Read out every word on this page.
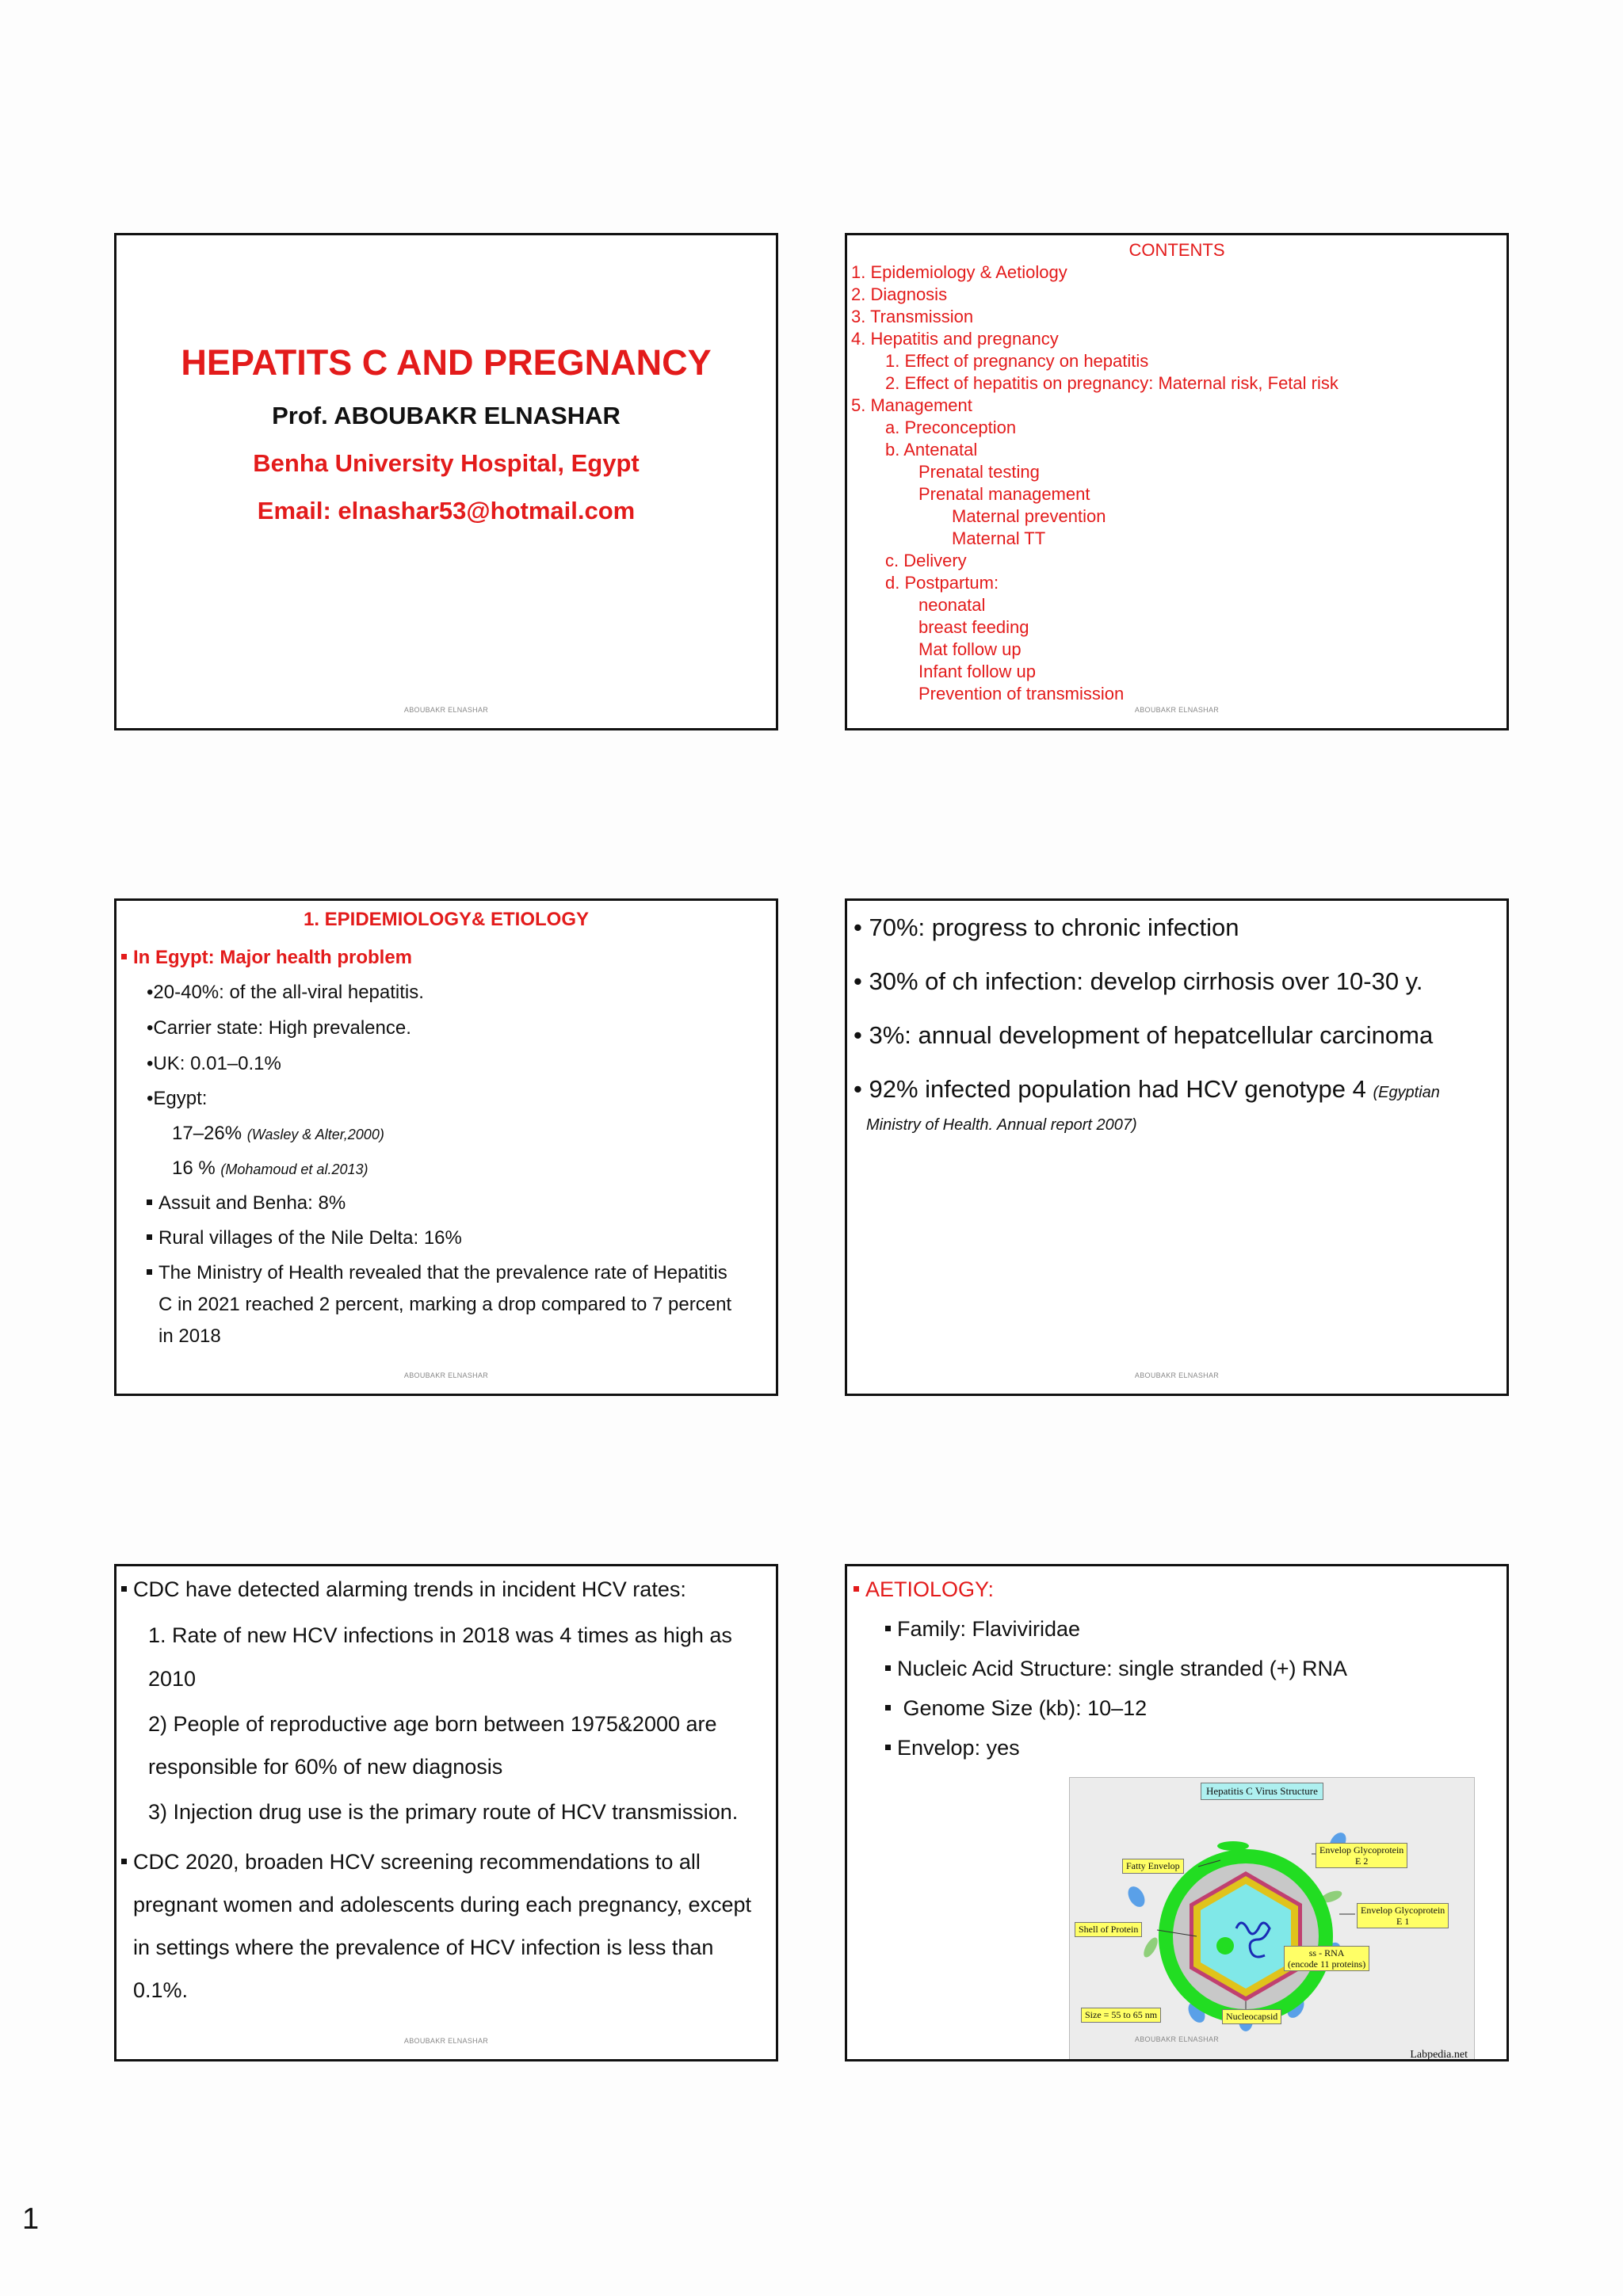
HEPATITS C AND PREGNANCY
Prof. ABOUBAKR ELNASHAR
Benha University Hospital, Egypt
Email: elnashar53@hotmail.com
ABOUBAKR ELNASHAR
CONTENTS
1. Epidemiology & Aetiology
2. Diagnosis
3. Transmission
4. Hepatitis and pregnancy
1. Effect of pregnancy on hepatitis
2. Effect of hepatitis on pregnancy: Maternal risk, Fetal risk
5. Management
a. Preconception
b. Antenatal
Prenatal testing
Prenatal management
Maternal prevention
Maternal TT
c. Delivery
d. Postpartum:
neonatal
breast feeding
Mat follow up
Infant follow up
Prevention of transmission
ABOUBAKR ELNASHAR
1. EPIDEMIOLOGY& ETIOLOGY
In Egypt: Major health problem
•20-40%: of the all-viral hepatitis.
•Carrier state: High prevalence.
•UK: 0.01–0.1%
•Egypt:
17–26% (Wasley & Alter,2000)
16 % (Mohamoud et al.2013)
Assuit and Benha: 8%
Rural villages of the Nile Delta: 16%
The Ministry of Health revealed that the prevalence rate of Hepatitis
C in 2021 reached 2 percent, marking a drop compared to 7 percent
in 2018
ABOUBAKR ELNASHAR
• 70%: progress to chronic infection
• 30% of ch infection: develop cirrhosis over 10-30 y.
• 3%: annual development of hepatcellular carcinoma
• 92% infected population had HCV genotype 4 (Egyptian
Ministry of Health. Annual report 2007)
ABOUBAKR ELNASHAR
CDC have detected alarming trends in incident HCV rates:
1. Rate of new HCV infections in 2018 was 4 times as high as
2010
2) People of reproductive age born between 1975&2000 are
responsible for 60% of new diagnosis
3) Injection drug use is the primary route of HCV transmission.
CDC 2020, broaden HCV screening recommendations to all
pregnant women and adolescents during each pregnancy, except
in settings where the prevalence of HCV infection is less than
0.1%.
ABOUBAKR ELNASHAR
AETIOLOGY:
Family: Flaviviridae
Nucleic Acid Structure: single stranded (+) RNA
Genome Size (kb): 10–12
Envelop: yes
Hepatitis C Virus Structure
Fatty Envelop
Envelop Glycoprotein
E 2
Envelop Glycoprotein
E 1
Shell of Protein
ss - RNA
(encode 11 proteins)
Size = 55 to 65 nm	Nucleocapsid
Labpedia.net
ABOUBAKR ELNASHAR
1
